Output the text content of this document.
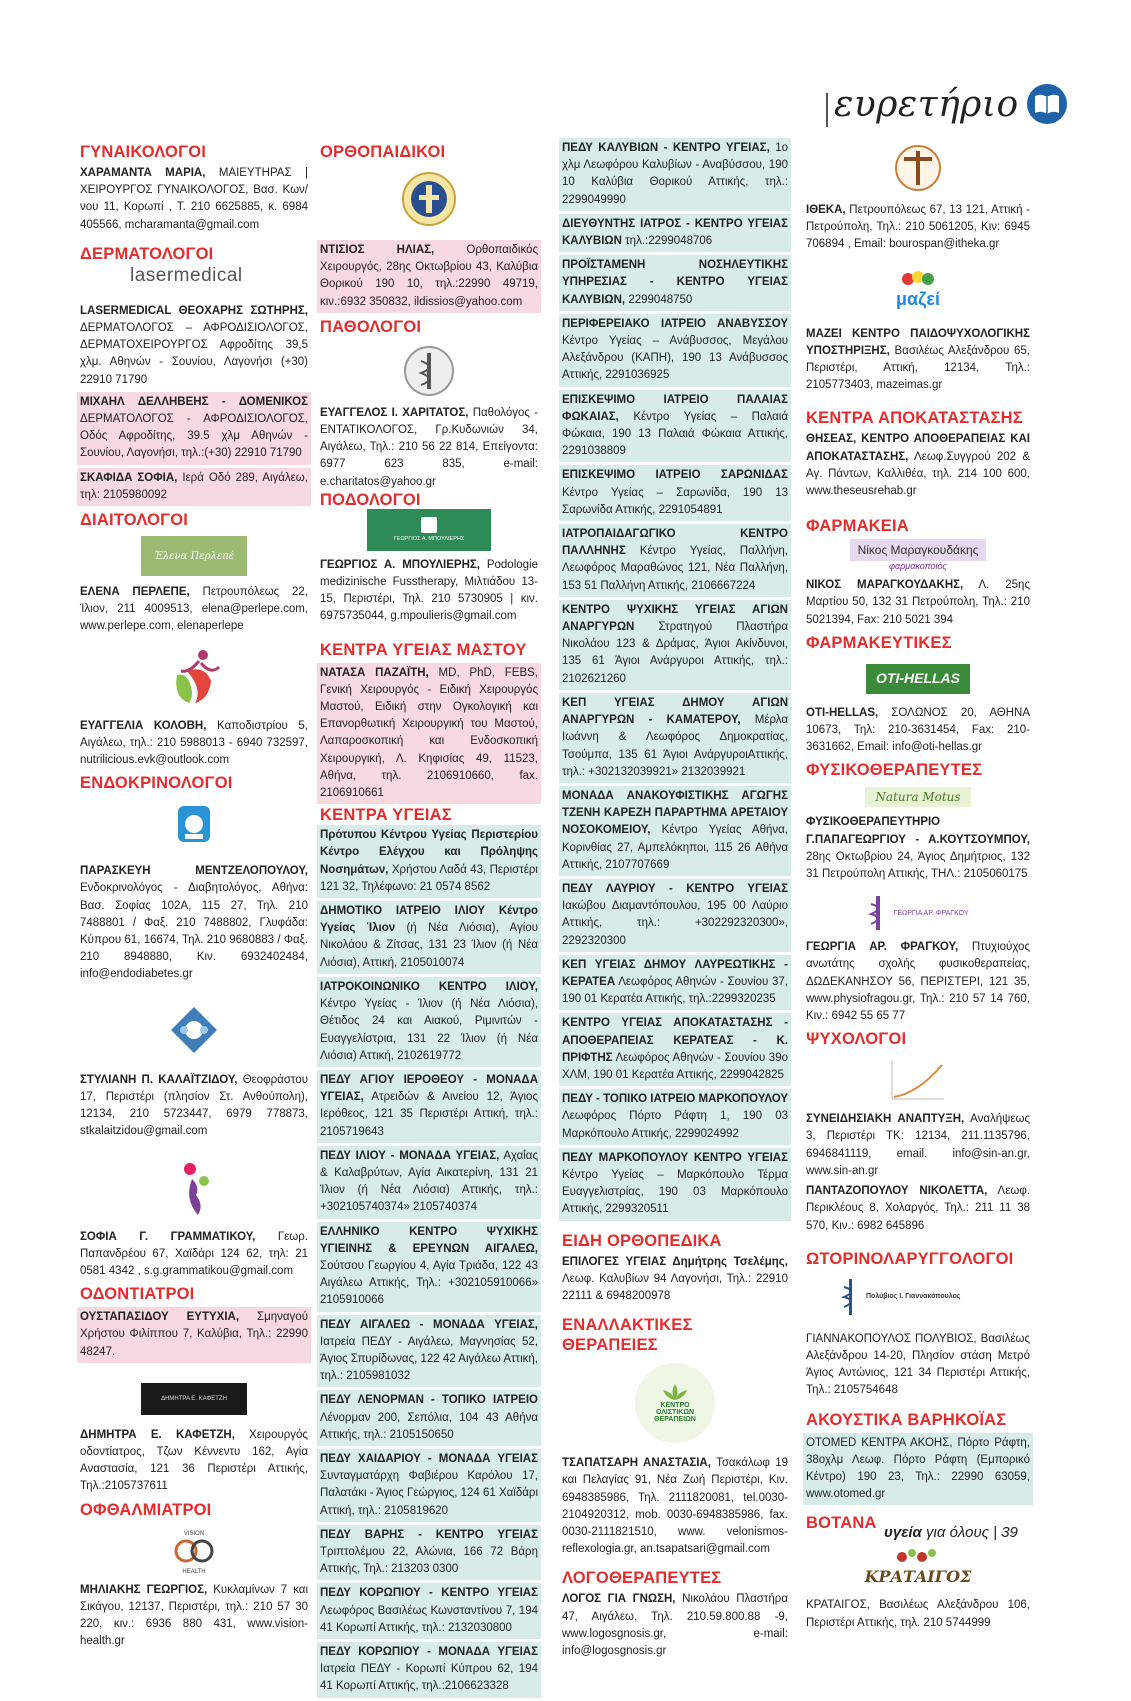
ευρετήριο
ΓΥΝΑΙΚΟΛΟΓΟΙ

ΧΑΡΑΜΑΝΤΑ ΜΑΡΙΑ, ΜΑΙΕΥΤΗΡΑΣ |ΧΕΙΡΟΥΡΓΟΣ ΓΥΝΑΙΚΟΛΟΓΟΣ, Βασ. Κων/νου 11, Κορωπί , Τ. 210 6625885, κ. 6984 405566, mcharamanta@gmail.com

ΔΕΡΜΑΤΟΛΟΓΟΙ
lasermedical

LASERMEDICAL ΘΕΟΧΑΡΗΣ ΣΩΤΗΡΗΣ, ΔΕΡΜΑΤΟΛΟΓΟΣ – ΑΦΡΟΔΙΣΙΟΛΟΓΟΣ, ΔΕΡΜΑΤΟΧΕΙΡΟΥΡΓΟΣ Αφροδίτης 39,5 χλμ. Αθηνών - Σουνίου, Λαγονήσι (+30) 22910 71790

ΜΙΧΑΗΛ ΔΕΛΛΗΒΕΗΣ - ΔΟΜΕΝΙΚΟΣ ΔΕΡΜΑΤΟΛΟΓΟΣ - ΑΦΡΟΔΙΣΙΟΛΟΓΟΣ, Οδός Αφροδίτης, 39.5 χλμ Αθηνών - Σουνίου, Λαγονήσι, τηλ.:(+30) 22910 71790

ΣΚΑΦΙΔΑ ΣΟΦΙΑ, Ιερά Οδό 289, Αιγάλεω, τηλ: 2105980092

ΔΙΑΙΤΟΛΟΓΟΙ
Έλενα Περλεπέ

ΕΛΕΝΑ ΠΕΡΛΕΠΕ, Πετρουπόλεως 22, Ίλιον, 211 4009513, elena@perlepe.com, www.perlepe.com, elenaperlepe

ΕΥΑΓΓΕΛΙΑ ΚΟΛΟΒΗ, Καποδιστρίου 5, Αιγάλεω, τηλ.: 210 5988013 - 6940 732597, nutrilicious.evk@outlook.com

ΕΝΔΟΚΡΙΝΟΛΟΓΟΙ

ΠΑΡΑΣΚΕΥΗ ΜΕΝΤΖΕΛΟΠΟΥΛΟΥ, Ενδοκρινολόγος - Διαβητολόγος, Αθήνα: Βασ. Σοφίας 102Α, 115 27, Τηλ. 210 7488801 / Φαξ. 210 7488802, Γλυφάδα: Κύπρου 61, 16674, Τηλ. 210 9680883 / Φαξ. 210 8948880, Κιν. 6932402484, info@endodiabetes.gr

ΣΤΥΛΙΑΝΗ Π. ΚΑΛΑΪΤΖΙΔΟΥ, Θεοφράστου 17, Περιστέρι (πλησίον Στ. Ανθούπολη), 12134, 210 5723447, 6979 778873, stkalaitzidou@gmail.com

ΣΟΦΙΑ Γ. ΓΡΑΜΜΑΤΙΚΟΥ, Γεωρ. Παπανδρέου 67, Χαϊδάρι 124 62, τηλ: 21 0581 4342 , s.g.grammatikou@gmail.com

ΟΔΟΝΤΙΑΤΡΟΙ

ΟΥΣΤΑΠΑΣΙΔΟΥ ΕΥΤΥΧΙΑ, Σμηναγού Χρήστου Φιλίππου 7, Καλύβια, Τηλ.: 22990 48247.

ΔΗΜΗΤΡΑ Ε. ΚΑΦΕΤΖΗ

ΔΗΜΗΤΡΑ Ε. ΚΑΦΕΤΖΗ, Χειρουργός οδοντίατρος, Τζων Κέννεντυ 162, Αγία Αναστασία, 121 36 Περιστέρι Αττικής, Τηλ.:2105737611

ΟΦΘΑΛΜΙΑΤΡΟΙ
VISION
HEALTH

ΜΗΛΙΑΚΗΣ ΓΕΩΡΓΙΟΣ, Κυκλαμίνων 7 και Σικάγου, 12137, Περιστέρι, τηλ.: 210 57 30 220, κιν.: 6936 880 431, www.vision-health.gr

ΟΡΘΟΠΑΙΔΙΚΟΙ

ΝΤΙΣΙΟΣ ΗΛΙΑΣ, Ορθοπαιδικός Χειρουργός, 28ης Οκτωβρίου 43, Καλύβια Θορικού 190 10, τηλ.:22990 49719, κιν.:6932 350832, ildissios@yahoo.com

ΠΑΘΟΛΟΓΟΙ

ΕΥΑΓΓΕΛΟΣ Ι. ΧΑΡΙΤΑΤΟΣ, Παθολόγος - ΕΝΤΑΤΙΚΟΛΟΓΟΣ, Γρ.Κυδωνιών 34, Αιγάλεω, Τηλ.: 210 56 22 814, Επείγοντα: 6977 623 835, e-mail: e.charitatos@yahoo.gr

ΠΟΔΟΛΟΓΟΙ
ΓΕΩΡΓΙΟΣ Α. ΜΠΟΥΛΙΕΡΗΣ

ΓΕΩΡΓΙΟΣ Α. ΜΠΟΥΛΙΕΡΗΣ, Podologie medizinische Fusstherapy, Μιλτιάδου 13-15, Περιστέρι, Τηλ. 210 5730905 | κιν. 6975735044, g.mpoulieris@gmail.com

ΚΕΝΤΡΑ ΥΓΕΙΑΣ ΜΑΣΤΟΥ

ΝΑΤΑΣΑ ΠΑΖΑΪΤΗ, MD, PhD, FEBS, Γενική Χειρουργός - Ειδική Χειρουργός Μαστού, Ειδική στην Ογκολογική και Επανορθωτική Χειρουργική του Μαστού, Λαπαροσκοπική και Ενδοσκοπική Χειρουργική, Λ. Κηφισίας 49, 11523, Αθήνα, τηλ. 2106910660, fax. 2106910661

ΚΕΝΤΡΑ ΥΓΕΙΑΣ

Πρότυπου Κέντρου Υγείας Περιστερίου Κέντρο Ελέγχου και Πρόληψης Νοσημάτων, Χρήστου Λαδά 43, Περιστέρι 121 32, Τηλέφωνο: 21 0574 8562

ΔΗΜΟΤΙΚΟ ΙΑΤΡΕΙΟ ΙΛΙΟΥ Κέντρο Υγείας Ίλιον (ή Νέα Λιόσια), Αγίου Νικολάου & Ζίτσας, 131 23 Ίλιον (ή Νέα Λιόσια), Αττική, 2105010074

ΙΑΤΡΟΚΟΙΝΩΝΙΚΟ ΚΕΝΤΡΟ ΙΛΙΟΥ, Κέντρο Υγείας - Ίλιον (ή Νέα Λιόσια), Θέτιδος 24 και Αιακού, Ριμινιτών - Ευαγγελίστρια, 131 22 Ίλιον (ή Νέα Λιόσια) Αττική, 2102619772

ΠΕΔΥ ΑΓΙΟΥ ΙΕΡΟΘΕΟΥ - ΜΟΝΑΔΑ ΥΓΕΙΑΣ, Ατρειδών & Αινείου 12, Άγιος Ιερόθεος, 121 35 Περιστέρι Αττική, τηλ.: 2105719643

ΠΕΔΥ ΙΛΙΟΥ - ΜΟΝΑΔΑ ΥΓΕΙΑΣ, Αχαΐας & Καλαβρύτων, Αγία Αικατερίνη, 131 21 Ίλιον (ή Νέα Λιόσια) Αττικής, τηλ.: +302105740374» 2105740374

ΕΛΛΗΝΙΚΟ ΚΕΝΤΡΟ ΨΥΧΙΚΗΣ ΥΓΙΕΙΝΗΣ & ΕΡΕΥΝΩΝ ΑΙΓΑΛΕΩ, Σούτσου Γεωργίου 4, Αγία Τριάδα, 122 43 Αιγάλεω Αττικής, Τηλ.: +302105910066» 2105910066

ΠΕΔΥ ΑΙΓΑΛΕΩ - ΜΟΝΑΔΑ ΥΓΕΙΑΣ, Ιατρεία ΠΕΔΥ - Αιγάλεω, Μαγνησίας 52, Άγιος Σπυρίδωνας, 122 42 Αιγάλεω Αττική, τηλ.: 2105981032

ΠΕΔΥ ΛΕΝΟΡΜΑΝ - ΤΟΠΙΚΟ ΙΑΤΡΕΙΟ Λένορμαν 200, Σεπόλια, 104 43 Αθήνα Αττικής, τηλ.: 2105150650

ΠΕΔΥ ΧΑΙΔΑΡΙΟΥ - ΜΟΝΑΔΑ ΥΓΕΙΑΣ Συνταγματάρχη Φαβιέρου Καρόλου 17, Παλατάκι - Άγιος Γεώργιος, 124 61 Χαϊδάρι Αττική, τηλ.: 2105819620

ΠΕΔΥ ΒΑΡΗΣ - ΚΕΝΤΡΟ ΥΓΕΙΑΣ Τριπτολέμου 22, Αλώνια, 166 72 Βάρη Αττικής, Τηλ.: 213203 0300

ΠΕΔΥ ΚΟΡΩΠΙΟΥ - ΚΕΝΤΡΟ ΥΓΕΙΑΣ Λεωφόρος Βασιλέως Κωνσταντίνου 7, 194 41 Κορωπί Αττικής, τηλ.: 2132030800

ΠΕΔΥ ΚΟΡΩΠΙΟΥ - ΜΟΝΑΔΑ ΥΓΕΙΑΣ Ιατρεία ΠΕΔΥ - Κορωπί Κύπρου 62, 194 41 Κορωπί Αττικής, τηλ.:2106623328

ΠΕΔΥ ΚΑΛΥΒΙΩΝ - ΚΕΝΤΡΟ ΥΓΕΙΑΣ, 1ο χλμ Λεωφόρου Καλυβίων - Αναβύσσου, 190 10 Καλύβια Θορικού Αττικής, τηλ.: 2299049990

ΔΙΕΥΘΥΝΤΗΣ ΙΑΤΡΟΣ - ΚΕΝΤΡΟ ΥΓΕΙΑΣ ΚΑΛΥΒΙΩΝ τηλ.:2299048706

ΠΡΟΪΣΤΑΜΕΝΗ ΝΟΣΗΛΕΥΤΙΚΗΣ ΥΠΗΡΕΣΙΑΣ - ΚΕΝΤΡΟ ΥΓΕΙΑΣ ΚΑΛΥΒΙΩΝ, 2299048750

ΠΕΡΙΦΕΡΕΙΑΚΟ ΙΑΤΡΕΙΟ ΑΝΑΒΥΣΣΟΥ Κέντρο Υγείας – Ανάβυσσος, Μεγάλου Αλεξάνδρου (ΚΑΠΗ), 190 13 Ανάβυσσος Αττικής, 2291036925

ΕΠΙΣΚΕΨΙΜΟ ΙΑΤΡΕΙΟ ΠΑΛΑΙΑΣ ΦΩΚΑΙΑΣ, Κέντρο Υγείας – Παλαιά Φώκαια, 190 13 Παλαιά Φώκαια Αττικής, 2291038809

ΕΠΙΣΚΕΨΙΜΟ ΙΑΤΡΕΙΟ ΣΑΡΩΝΙΔΑΣ Κέντρο Υγείας – Σαρωνίδα, 190 13 Σαρωνίδα Αττικής, 2291054891

ΙΑΤΡΟΠΑΙΔΑΓΩΓΙΚΟ ΚΕΝΤΡΟ ΠΑΛΛΗΝΗΣ Κέντρο Υγείας, Παλλήνη, Λεωφόρος Μαραθώνος 121, Νέα Παλλήνη, 153 51 Παλλήνη Αττικής, 2106667224

ΚΕΝΤΡΟ ΨΥΧΙΚΗΣ ΥΓΕΙΑΣ ΑΓΙΩΝ ΑΝΑΡΓΥΡΩΝ Στρατηγού Πλαστήρα Νικολάου 123 & Δράμας, Άγιοι Ακίνδυνοι, 135 61 Άγιοι Ανάργυροι Αττικής, τηλ.: 2102621260

ΚΕΠ ΥΓΕΙΑΣ ΔΗΜΟΥ ΑΓΙΩΝ ΑΝΑΡΓΥΡΩΝ - ΚΑΜΑΤΕΡΟΥ, Μέρλα Ιωάννη & Λεωφόρος Δημοκρατίας, Τσούμπα, 135 61 Άγιοι ΑνάργυροιΑττικής, τηλ.: +302132039921» 2132039921

ΜΟΝΑΔΑ ΑΝΑΚΟΥΦΙΣΤΙΚΗΣ ΑΓΩΓΗΣ ΤΖΕΝΗ ΚΑΡΕΖΗ ΠΑΡΑΡΤΗΜΑ ΑΡΕΤΑΙΟΥ ΝΟΣΟΚΟΜΕΙΟΥ, Κέντρο Υγείας Αθήνα, Κορινθίας 27, Αμπελόκηποι, 115 26 Αθήνα Αττικής, 2107707669

ΠΕΔΥ ΛΑΥΡΙΟΥ - ΚΕΝΤΡΟ ΥΓΕΙΑΣ Ιακώβου Διαμαντόπουλου, 195 00 Λαύριο Αττικής, τηλ.: +302292320300», 2292320300

ΚΕΠ ΥΓΕΙΑΣ ΔΗΜΟΥ ΛΑΥΡΕΩΤΙΚΗΣ - ΚΕΡΑΤΕΑ Λεωφόρος Αθηνών - Σουνίου 37, 190 01 Κερατέα Αττικής, τηλ.:2299320235

ΚΕΝΤΡΟ ΥΓΕΙΑΣ ΑΠΟΚΑΤΑΣΤΑΣΗΣ - ΑΠΟΘΕΡΑΠΕΙΑΣ ΚΕΡΑΤΕΑΣ - Κ. ΠΡΙΦΤΗΣ Λεωφόρος Αθηνών - Σουνίου 39ο ΧΛΜ, 190 01 Κερατέα Αττικής, 2299042825

ΠΕΔΥ - ΤΟΠΙΚΟ ΙΑΤΡΕΙΟ ΜΑΡΚΟΠΟΥΛΟΥ Λεωφόρος Πόρτο Ράφτη 1, 190 03 Μαρκόπουλο Αττικής, 2299024992

ΠΕΔΥ ΜΑΡΚΟΠΟΥΛΟΥ ΚΕΝΤΡΟ ΥΓΕΙΑΣ Κέντρο Υγείας – Μαρκόπουλο Τέρμα Ευαγγελιστρίας, 190 03 Μαρκόπουλο Αττικής, 2299320511

ΕΙΔΗ ΟΡΘΟΠΕΔΙΚΑ

ΕΠΙΛΟΓΕΣ ΥΓΕΙΑΣ Δημήτρης Τσελέμης, Λεωφ. Καλυβίων 94 Λαγονήσι, Τηλ.: 22910 22111 & 6948200978

ΕΝΑΛΛΑΚΤΙΚΕΣ ΘΕΡΑΠΕΙΕΣ
ΚΕΝΤΡΟ
ΟΛΙΣΤΙΚΩΝ
ΘΕΡΑΠΕΙΩΝ

ΤΣΑΠΑΤΣΑΡΗ ΑΝΑΣΤΑΣΙΑ, Τσακάλωφ 19 και Πελαγίας 91, Νέα Ζωή Περιστέρι, Κιν. 6948385986, Τηλ. 2111820081, tel.0030-2104920312, mob. 0030-6948385986, fax. 0030-2111821510, www. velonismos-reflexologia.gr, an.tsapatsari@gmail.com

ΛΟΓΟΘΕΡΑΠΕΥΤΕΣ

ΛΟΓΟΣ ΓΙΑ ΓΝΩΣΗ, Νικολάου Πλαστήρα 47, Αιγάλεω, Τηλ. 210.59.800.88 -9, www.logosgnosis.gr, e-mail: info@logosgnosis.gr

ΙΘΕΚΑ, Πετρουπόλεως 67, 13 121, Αττική - Πετρούπολη, Τηλ.: 210 5061205, Κιν: 6945 706894 , Email: bourospan@itheka.gr

μαζεί

ΜΑΖΕΙ ΚΕΝΤΡΟ ΠΑΙΔΟΨΥΧΟΛΟΓΙΚΗΣ ΥΠΟΣΤΗΡΙΞΗΣ, Βασιλέως Αλεξάνδρου 65, Περιστέρι, Αττική, 12134, Τηλ.: 2105773403, mazeimas.gr

ΚΕΝΤΡΑ ΑΠΟΚΑΤΑΣΤΑΣΗΣ

ΘΗΣΕΑΣ, ΚΕΝΤΡΟ ΑΠΟΘΕΡΑΠΕΙΑΣ ΚΑΙ ΑΠΟΚΑΤΑΣΤΑΣΗΣ, Λεωφ.Συγγρού 202 & Αγ. Πάντων, Καλλιθέα, τηλ. 214 100 600, www.theseusrehab.gr

ΦΑΡΜΑΚΕΙΑ
Νίκος Μαραγκουδάκης
φαρμακοποιός

ΝΙΚΟΣ ΜΑΡΑΓΚΟΥΔΑΚΗΣ, Λ. 25ης Μαρτίου 50, 132 31 Πετρούπολη, Τηλ.: 210 5021394, Fax: 210 5021 394

ΦΑΡΜΑΚΕΥΤΙΚΕΣ
OTI-HELLAS

OTI-HELLAS, ΣΟΛΩΝΟΣ 20, ΑΘΗΝΑ 10673, Τηλ: 210-3631454, Fax: 210-3631662, Email: info@oti-hellas.gr

ΦΥΣΙΚΟΘΕΡΑΠΕΥΤΕΣ
Natura Motus

ΦΥΣΙΚΟΘΕΡΑΠΕΥΤΗΡΙΟ Γ.ΠΑΠΑΓΕΩΡΓΙΟΥ - Α.ΚΟΥΤΣΟΥΜΠΟΥ, 28ης Οκτωβρίου 24, Άγιος Δημήτριος, 132 31 Πετρούπολη Αττικής, ΤΗΛ.: 2105060175

ΓΕΩΡΓΙΑ ΑΡ. ΦΡΑΓΚΟΥ

ΓΕΩΡΓΙΑ ΑΡ. ΦΡΑΓΚΟΥ, Πτυχιούχος ανωτάτης σχολής φυσικοθεραπείας, ΔΩΔΕΚΑΝΗΣΟΥ 56, ΠΕΡΙΣΤΕΡΙ, 121 35, www.physiofragou.gr, Τηλ.: 210 57 14 760, Κιν.: 6942 55 65 77

ΨΥΧΟΛΟΓΟΙ

ΣΥΝΕΙΔΗΣΙΑΚΗ ΑΝΑΠΤΥΞΗ, Αναλήψεως 3, Περιστέρι ΤΚ: 12134, 211.1135796, 6946841119, email. info@sin-an.gr, www.sin-an.gr

ΠΑΝΤΑΖΟΠΟΥΛΟΥ ΝΙΚΟΛΕΤΤΑ, Λεωφ. Περικλέους 8, Χολαργός, Τηλ.: 211 11 38 570, Κιν.: 6982 645896

ΩΤΟΡΙΝΟΛΑΡΥΓΓΟΛΟΓΟΙ
Πολύβιος Ι. Γιαννακόπουλος

ΓΙΑΝΝΑΚΟΠΟΥΛΟΣ ΠΟΛΥΒΙΟΣ, Βασιλέως Αλεξάνδρου 14-20, Πλησίον στάση Μετρό Άγιος Αντώνιος, 121 34 Περιστέρι Αττικής, Τηλ.: 2105754648

ΑΚΟΥΣΤΙΚΑ ΒΑΡΗΚΟΪΑΣ

OTOMED ΚΕΝΤΡΑ ΑΚΟΗΣ, Πόρτο Ράφτη, 38οχλμ Λεωφ. Πόρτο Ράφτη (Εμπορικό Κέντρο) 190 23, Τηλ.: 22990 63059, www.otomed.gr

ΒΟΤΑΝΑ
ΚΡΑΤΑΙΓΟΣ

ΚΡΑΤΑΙΓΟΣ, Βασιλέως Αλεξάνδρου 106, Περιστέρι Αττικής, τηλ. 210 5744999

υγεία για όλους | 39
